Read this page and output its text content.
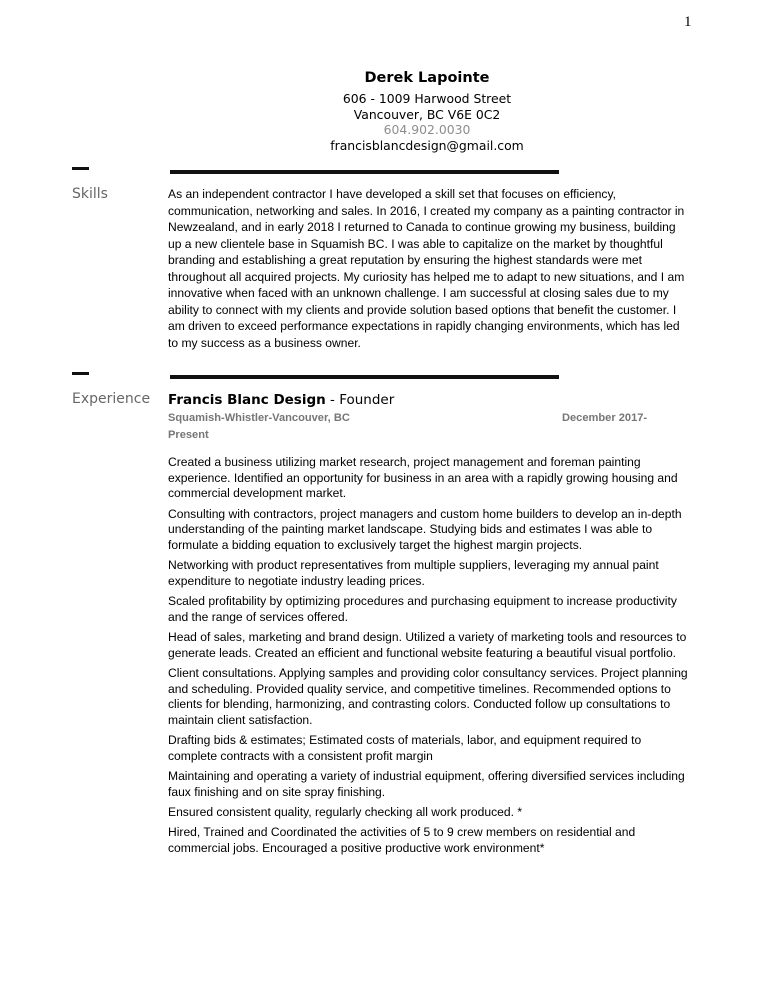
1
Derek Lapointe
606 - 1009 Harwood Street
Vancouver, BC V6E 0C2
604.902.0030
francisblancdesign@gmail.com
Skills	As an independent contractor I have developed a skill set that focuses on efficiency, communication, networking and sales. In 2016, I created my company as a painting contractor in Newzealand, and in early 2018 I returned to Canada to continue growing my business, building up a new clientele base in Squamish BC. I was able to capitalize on the market by thoughtful branding and establishing a great reputation by ensuring the highest standards were met throughout all acquired projects. My curiosity has helped me to adapt to new situations, and I am innovative when faced with an unknown challenge. I am successful at closing sales due to my ability to connect with my clients and provide solution based options that benefit the customer. I am driven to exceed performance expectations in rapidly changing environments, which has led to my success as a business owner.
Experience Francis Blanc Design - Founder
Squamish-Whistler-Vancouver, BC	December 2017-
Present
Created a business utilizing market research, project management and foreman painting experience. Identified an opportunity for business in an area with a rapidly growing housing and commercial development market.
Consulting with contractors, project managers and custom home builders to develop an in-depth understanding of the painting market landscape. Studying bids and estimates I was able to formulate a bidding equation to exclusively target the highest margin projects.
Networking with product representatives from multiple suppliers, leveraging my annual paint expenditure to negotiate industry leading prices.
Scaled profitability by optimizing procedures and purchasing equipment to increase productivity and the range of services offered.
Head of sales, marketing and brand design. Utilized a variety of marketing tools and resources to generate leads. Created an efficient and functional website featuring a beautiful visual portfolio.
Client consultations. Applying samples and providing color consultancy services. Project planning and scheduling. Provided quality service, and competitive timelines. Recommended options to clients for blending, harmonizing, and contrasting colors. Conducted follow up consultations to maintain client satisfaction.
Drafting bids & estimates; Estimated costs of materials, labor, and equipment required to complete contracts with a consistent profit margin
Maintaining and operating a variety of industrial equipment, offering diversified services including faux finishing and on site spray finishing.
Ensured consistent quality, regularly checking all work produced. *
Hired, Trained and Coordinated the activities of 5 to 9 crew members on residential and commercial jobs. Encouraged a positive productive work environment*
